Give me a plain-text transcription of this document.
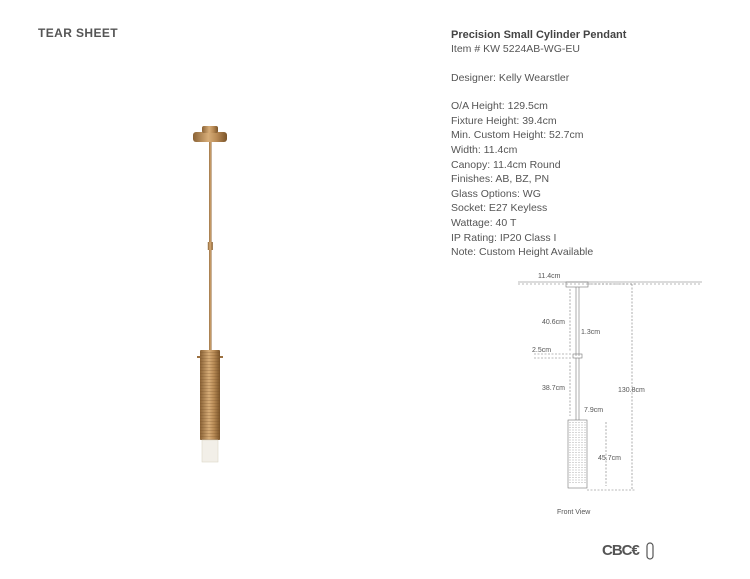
TEAR SHEET	Precision Small Cylinder Pendant
Item # KW 5224AB-WG-EU
Designer: Kelly Wearstler
O/A Height: 129.5cm
Fixture Height: 39.4cm
Min. Custom Height: 52.7cm
Width: 11.4cm
Canopy: 11.4cm Round
Finishes: AB, BZ, PN
Glass Options: WG
Socket: E27 Keyless
Wattage: 40 T
IP Rating: IP20 Class I
Note: Custom Height Available
11.4cm
40.6cm
1.3cm
2.5cm
38.7cm
7.9cm
45.7cm
130.8cm
Front View
CBC€
